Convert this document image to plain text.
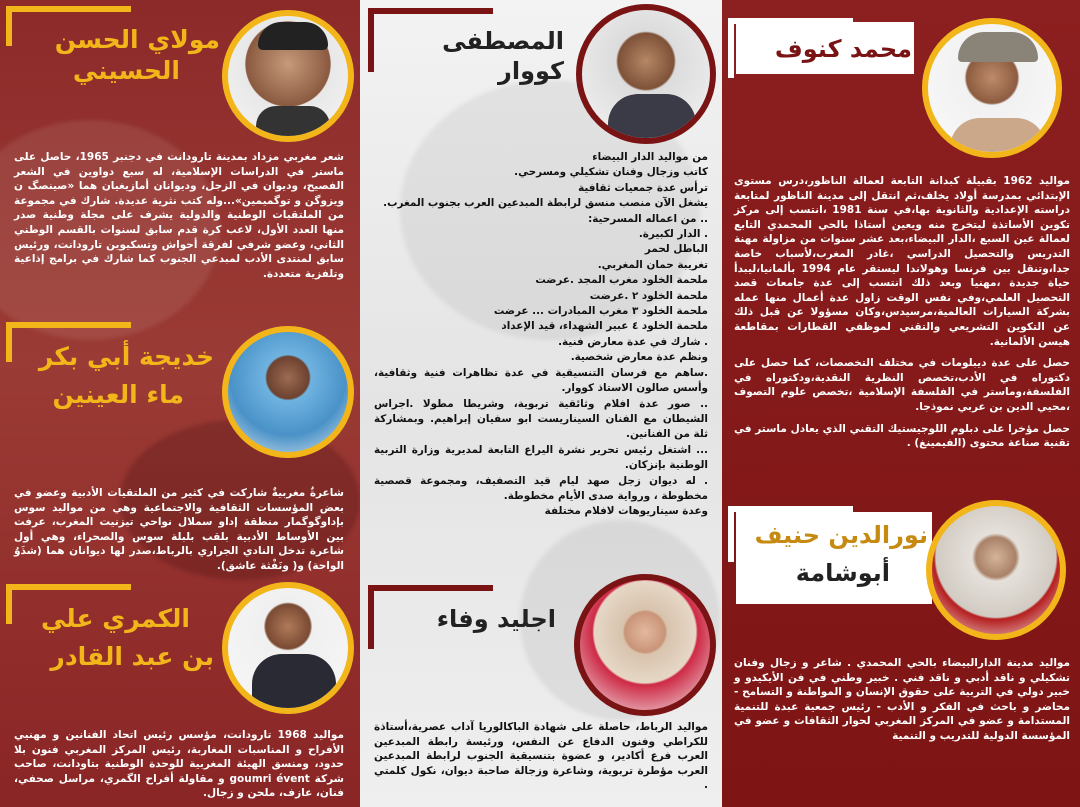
مولاي الحسن
الحسيني

شعر مغربي مزداد بمدينة تارودانت في دجنبر 1965، حاصل على ماستر في الدراسات الإسلامية، له سبع دواوين في الشعر الفصيح، وديوان في الزجل، وديوانان أمازيغيان هما «صينصگ ن ويزوگن و توگميمين»...وله كتب نثرية عديدة. شارك في مجموعة من الملتقيات الوطنية والدولية يشرف على مجلة وطنية صدر منها العدد الأول، لاعب كرة قدم سابق لسنوات بالقسم الوطني الثاني، وعضو شرفي لفرقة أحواش وتسكيوين تارودانت، ورئيس سابق لمنتدى الأدب لمبدعي الجنوب كما شارك في برامج إذاعية وتلفزية متعددة.

خديجة أبي بكر
ماء العينين

شاعرةٌ مغربيةٌ شاركت في كثير من الملتقيات الأدبية وعضو في بعض المؤسسات الثقافية والاجتماعية وهي من مواليد سوس بإداوگوگمار منطقة إداو سملال نواحي تيزنيت المغرب، عرفت بين الأوساط الأدبية بلقب بلبلة سوس والصحراء، وهي أول شاعرة تدخل النادي الجراري بالرباط،صدر لها ديوانان هما (شذَوُ الواحة) و( ونَفْثة عاشق).

الكمري علي
بن عبد القادر

مواليد 1968 تارودانت، مؤسس رئيس اتحاد الفنانين و مهنيي الأفراح و المناسبات المغاربة، رئيس المركز المغربي فنون بلا حدود، ومنسق الهيئة المغربية للوحدة الوطنية بتاودانت، صاحب شركة goumri évent و مقاولة أفراح الگمري، مراسل صحفي، فنان، عازف، ملحن و زجال.

المصطفى كووار

من مواليد الدار البيضاء

كاتب وزجال وفنان تشكيلي ومسرحي.

ترأس عدة جمعيات ثقافية

يشغل الآن منصب منسق لرابطة المبدعين العرب بجنوب المغرب.

.. من اعماله المسرحية:

. الدار لكبيرة.

الباطل لحمر

تغريبة حمان المغربي.

ملحمة الخلود مغرب المجد .عرضت

ملحمة الخلود ٢ .عرضت

ملحمة الخلود ٣ مغرب المبادرات ... عرضت

ملحمة الخلود ٤ عبير الشهداء، قيد الإعداد

. شارك في عدة معارض فنية.

ونظم عدة معارض شخصية.

.ساهم مع فرسان التنسيقية في عدة تظاهرات فنية وثقافية، وأسس صالون الاستاذ كووار.

.. صور عدة افلام وثائقية تربوية، وشريطا مطولا .اجراس الشيطان مع الفنان السيناريست ابو سفيان إبراهيم. وبمشاركة ثلة من الفنانين.

... اشتغل رئيس تحرير نشرة اليراع التابعة لمديرية وزارة التربية الوطنية بإنزكان.

. له ديوان زجل صهد ليام قيد التصفيف، ومجموعة قصصية مخطوطة ، ورواية صدى الأيام مخطوطة.

وعدة سيناريوهات لافلام مختلفة

اجليد وفاء

مواليد الرباط، حاصلة على شهادة الباكالوريا آداب عصرية،أستاذة للكراطي وفنون الدفاع عن النفس، ورئيسة رابطة المبدعين العرب فرع أكادير، و عضوة بتنسيقية الجنوب لرابطة المبدعين العرب مؤطرة تربوية، وشاعرة وزجالة صاحبة ديوان، نكول كلمتي .

محمد كنوف

مواليد 1962 بقبيلة كبدانة التابعة لعمالة الناظور،درس مستوى الإبتدائي بمدرسة أولاد يخلف،ثم انتقل إلى مدينة الناظور لمتابعة دراسته الإعدادية والثانوية بها،في سنة 1981 ،انتسب إلى مركز تكوين الأساتذة ليتخرج منه ويعين أستاذا بالحي المحمدي التابع لعمالة عين السبع ،الدار البيضاء،بعد عشر سنوات من مزاولة مهنة التدريس والتحصيل الدراسي ،غادر المغرب،لأسباب خاصة جدا،وتنقل بين فرنسا وهولاندا ليستقر عام 1994 بألمانيا،ليبدأ حياة جديدة ،مهنيا وبعد ذلك انتسب إلى عدة جامعات قصد التحصيل العلمي،وفي نفس الوقت زاول عدة أعمال منها عمله بشركة السيارات العالمية،مرسيدس،وكان مسؤولا عن قبل ذلك عن التكوين التشريعي والتقني لموظفي القطارات بمقاطعة هيسن الألمانية.

حصل على عدة ديبلومات في مختلف التخصصات، كما حصل على دكتوراه في الأدب،تخصص النظرية النقدية،ودكتوراه في الفلسفة،وماستر في الفلسفة الإسلامية ،تخصص علوم التصوف ،محيي الدين بن عربي نموذجا.

حصل مؤخرا على دبلوم اللوجيستيك التقني الذي يعادل ماستر في تقنية صناعة محتوى (الفيمينغ) .

نورالدين حنيف
أبوشامة

مواليد مدينة الدارالبيضاء بالحي المحمدي . شاعر و زجال وفنان تشكيلي و ناقد أدبي و ناقد فني . خبير وطني في فن الأيكيدو و خبير دولي في التربية على حقوق الإنسان و المواطنة و التسامح - محاضر و باحث في الفكر و الأدب - رئيس جمعية عبدة للتنمية المستدامة و عضو في المركز المغربي لحوار الثقافات و عضو في المؤسسة الدولية للتدريب و التنمية
